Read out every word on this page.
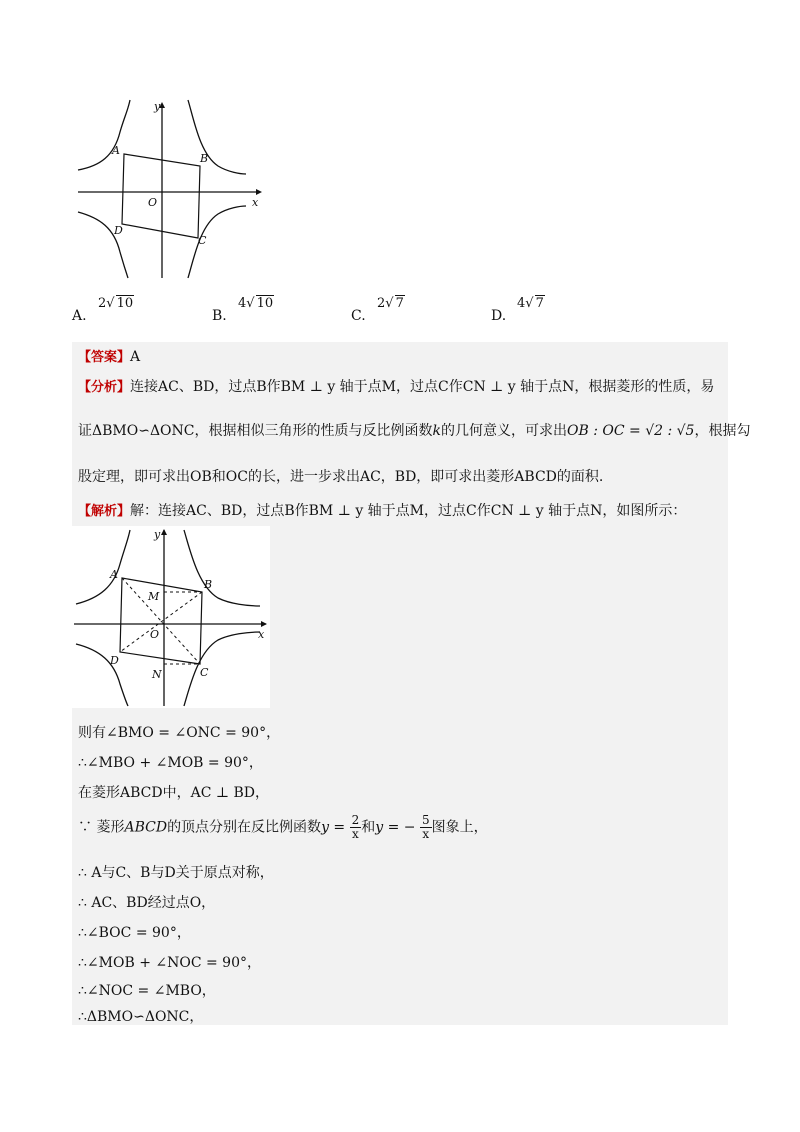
y
x
O
A
B
C
D
A.
2√ 10
B.
4√ 10
C.
2√ 7
D.
4√ 7
【答案】A
【分析】连接AC、BD，过点B作BM ⊥ y 轴于点M，过点C作CN ⊥ y 轴于点N，根据菱形的性质，易
证ΔBMO∽ΔONC，根据相似三角形的性质与反比例函数k的几何意义，可求出OB : OC = √2 : √5，根据勾
股定理，即可求出OB和OC的长，进一步求出AC，BD，即可求出菱形ABCD的面积.
【解析】解：连接AC、BD，过点B作BM ⊥ y 轴于点M，过点C作CN ⊥ y 轴于点N，如图所示：
y
x
O
A
B
C
D
M
N
则有∠BMO = ∠ONC = 90°，
∴∠MBO + ∠MOB = 90°，
在菱形ABCD中，AC ⊥ BD，
∵ 菱形ABCD的顶点分别在反比例函数$y = \frac{2}{x}$ 和y = − $\frac{5}{x}$ 图象上，
∴ A与C、B与D关于原点对称，
∴ AC、BD经过点O，
∴∠BOC = 90°，
∴∠MOB + ∠NOC = 90°，
∴∠NOC = ∠MBO，
∴ΔBMO∽ΔONC，
